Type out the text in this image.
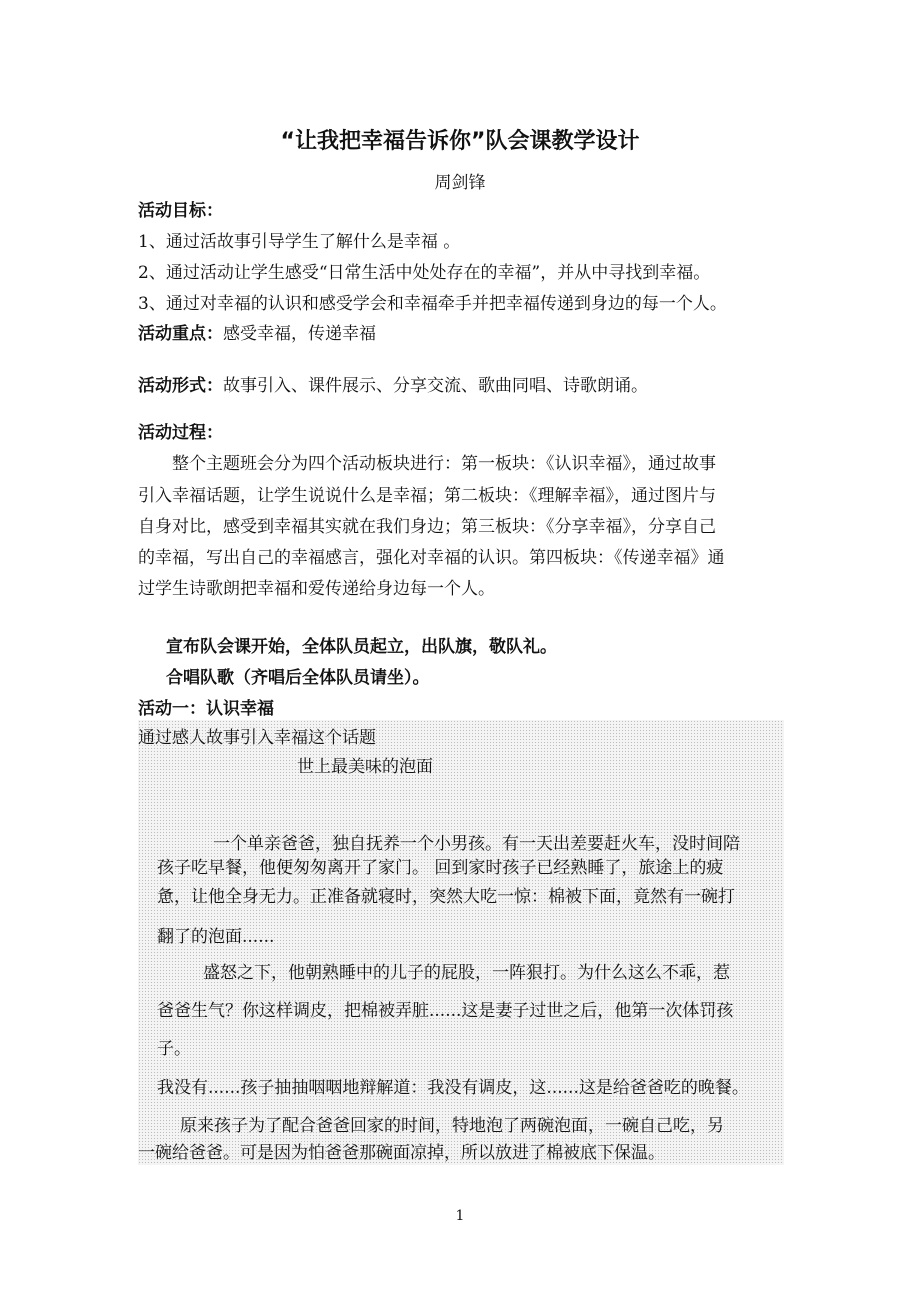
“让我把幸福告诉你”队会课教学设计
周剑锋
活动目标：
1、通过活故事引导学生了解什么是幸福 。
2、通过活动让学生感受“日常生活中处处存在的幸福”，并从中寻找到幸福。
3、通过对幸福的认识和感受学会和幸福牵手并把幸福传递到身边的每一个人。
活动重点：感受幸福，传递幸福
活动形式：故事引入、课件展示、分享交流、歌曲同唱、诗歌朗诵。
活动过程：
整个主题班会分为四个活动板块进行：第一板块：《认识幸福》，通过故事
引入幸福话题，让学生说说什么是幸福；第二板块：《理解幸福》，通过图片与
自身对比，感受到幸福其实就在我们身边；第三板块：《分享幸福》，分享自己
的幸福，写出自己的幸福感言，强化对幸福的认识。第四板块：《传递幸福》通
过学生诗歌朗把幸福和爱传递给身边每一个人。
宣布队会课开始，全体队员起立，出队旗，敬队礼。
合唱队歌（齐唱后全体队员请坐）。
活动一：认识幸福
通过感人故事引入幸福这个话题
世上最美味的泡面
一个单亲爸爸，独自抚养一个小男孩。有一天出差要赶火车，没时间陪
孩子吃早餐，他便匆匆离开了家门。 回到家时孩子已经熟睡了，旅途上的疲
惫，让他全身无力。正准备就寝时，突然大吃一惊：棉被下面，竟然有一碗打
翻了的泡面......
盛怒之下，他朝熟睡中的儿子的屁股，一阵狠打。为什么这么不乖，惹
爸爸生气？你这样调皮，把棉被弄脏......这是妻子过世之后，他第一次体罚孩
子。
我没有......孩子抽抽咽咽地辩解道：我没有调皮，这......这是给爸爸吃的晚餐。
原来孩子为了配合爸爸回家的时间，特地泡了两碗泡面，一碗自己吃，另
一碗给爸爸。可是因为怕爸爸那碗面凉掉，所以放进了棉被底下保温。
1
